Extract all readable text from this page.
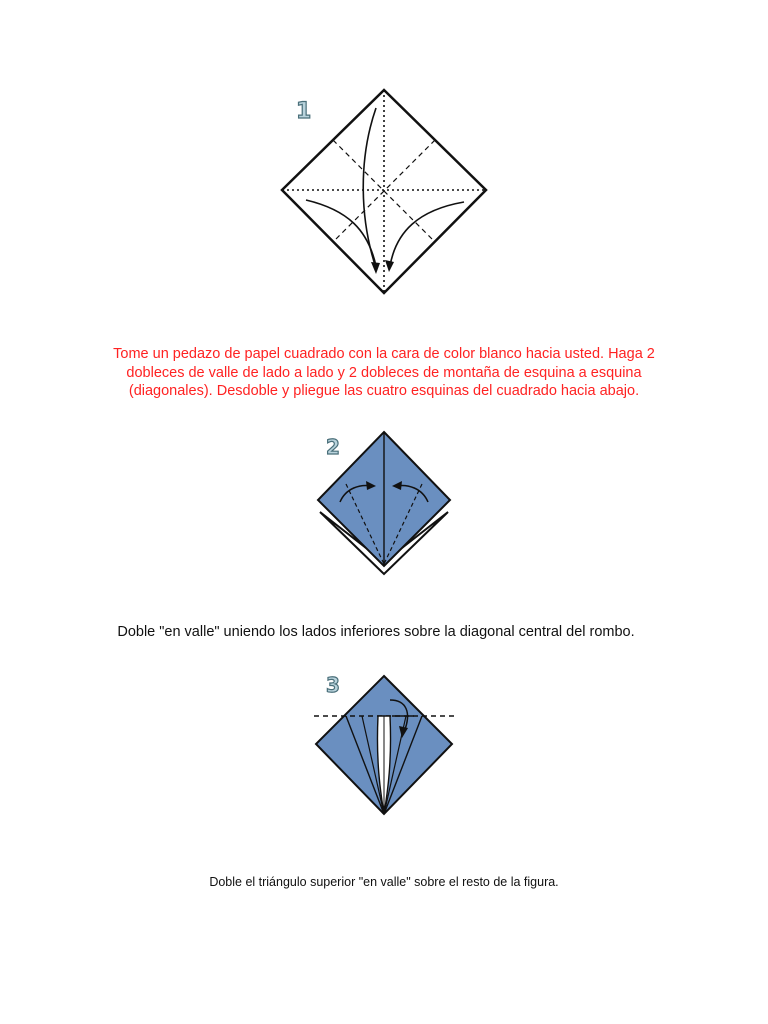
1

Tome un pedazo de papel cuadrado con la cara de color blanco hacia usted. Haga 2 dobleces de valle de lado a lado y 2 dobleces de montaña de esquina a esquina (diagonales). Desdoble y pliegue las cuatro esquinas del cuadrado hacia abajo.

2

Doble "en valle" uniendo los lados inferiores sobre la diagonal central del rombo.

3

Doble el triángulo superior "en valle" sobre el resto de la figura.
